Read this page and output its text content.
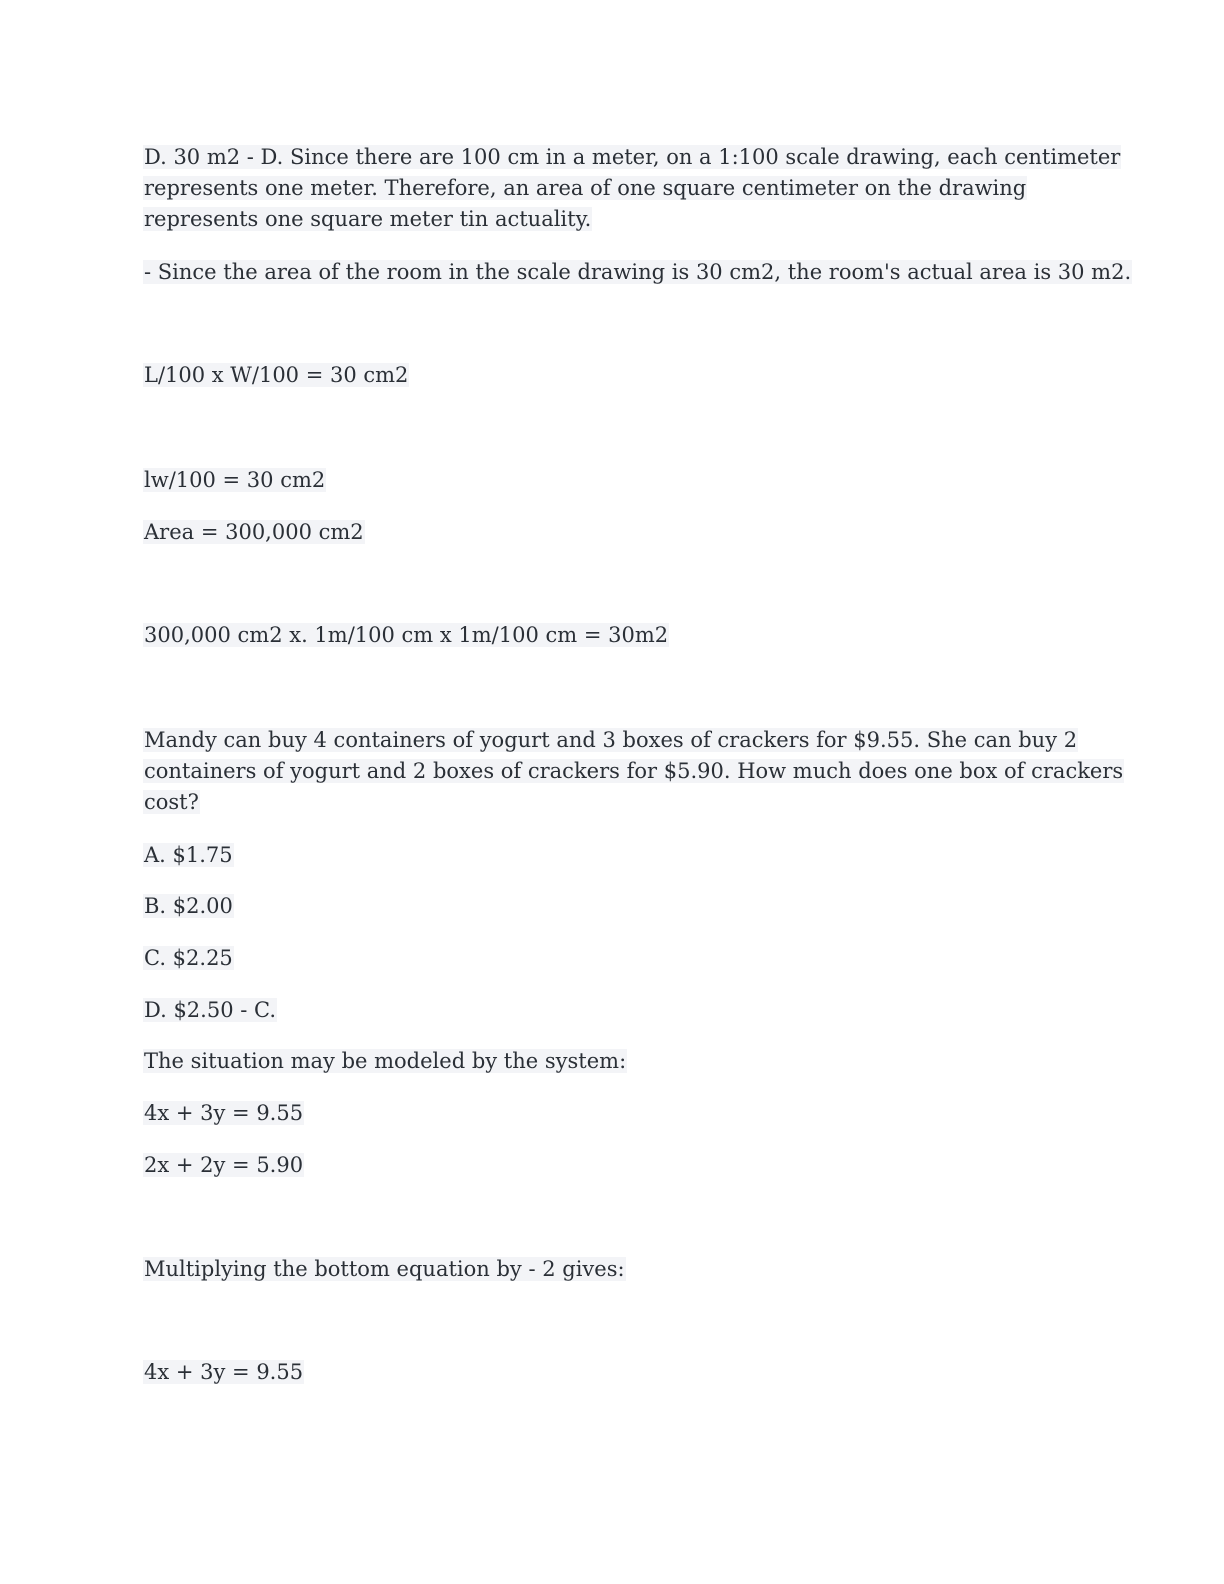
D. 30 m2 - D. Since there are 100 cm in a meter, on a 1:100 scale drawing, each centimeter
represents one meter. Therefore, an area of one square centimeter on the drawing
represents one square meter tin actuality.
- Since the area of the room in the scale drawing is 30 cm2, the room's actual area is 30 m2.
L/100 x W/100 = 30 cm2
lw/100 = 30 cm2
Area = 300,000 cm2
300,000 cm2 x. 1m/100 cm x 1m/100 cm = 30m2
Mandy can buy 4 containers of yogurt and 3 boxes of crackers for $9.55. She can buy 2
containers of yogurt and 2 boxes of crackers for $5.90. How much does one box of crackers
cost?
A. $1.75
B. $2.00
C. $2.25
D. $2.50 - C.
The situation may be modeled by the system:
4x + 3y = 9.55
2x + 2y = 5.90
Multiplying the bottom equation by - 2 gives:
4x + 3y = 9.55
